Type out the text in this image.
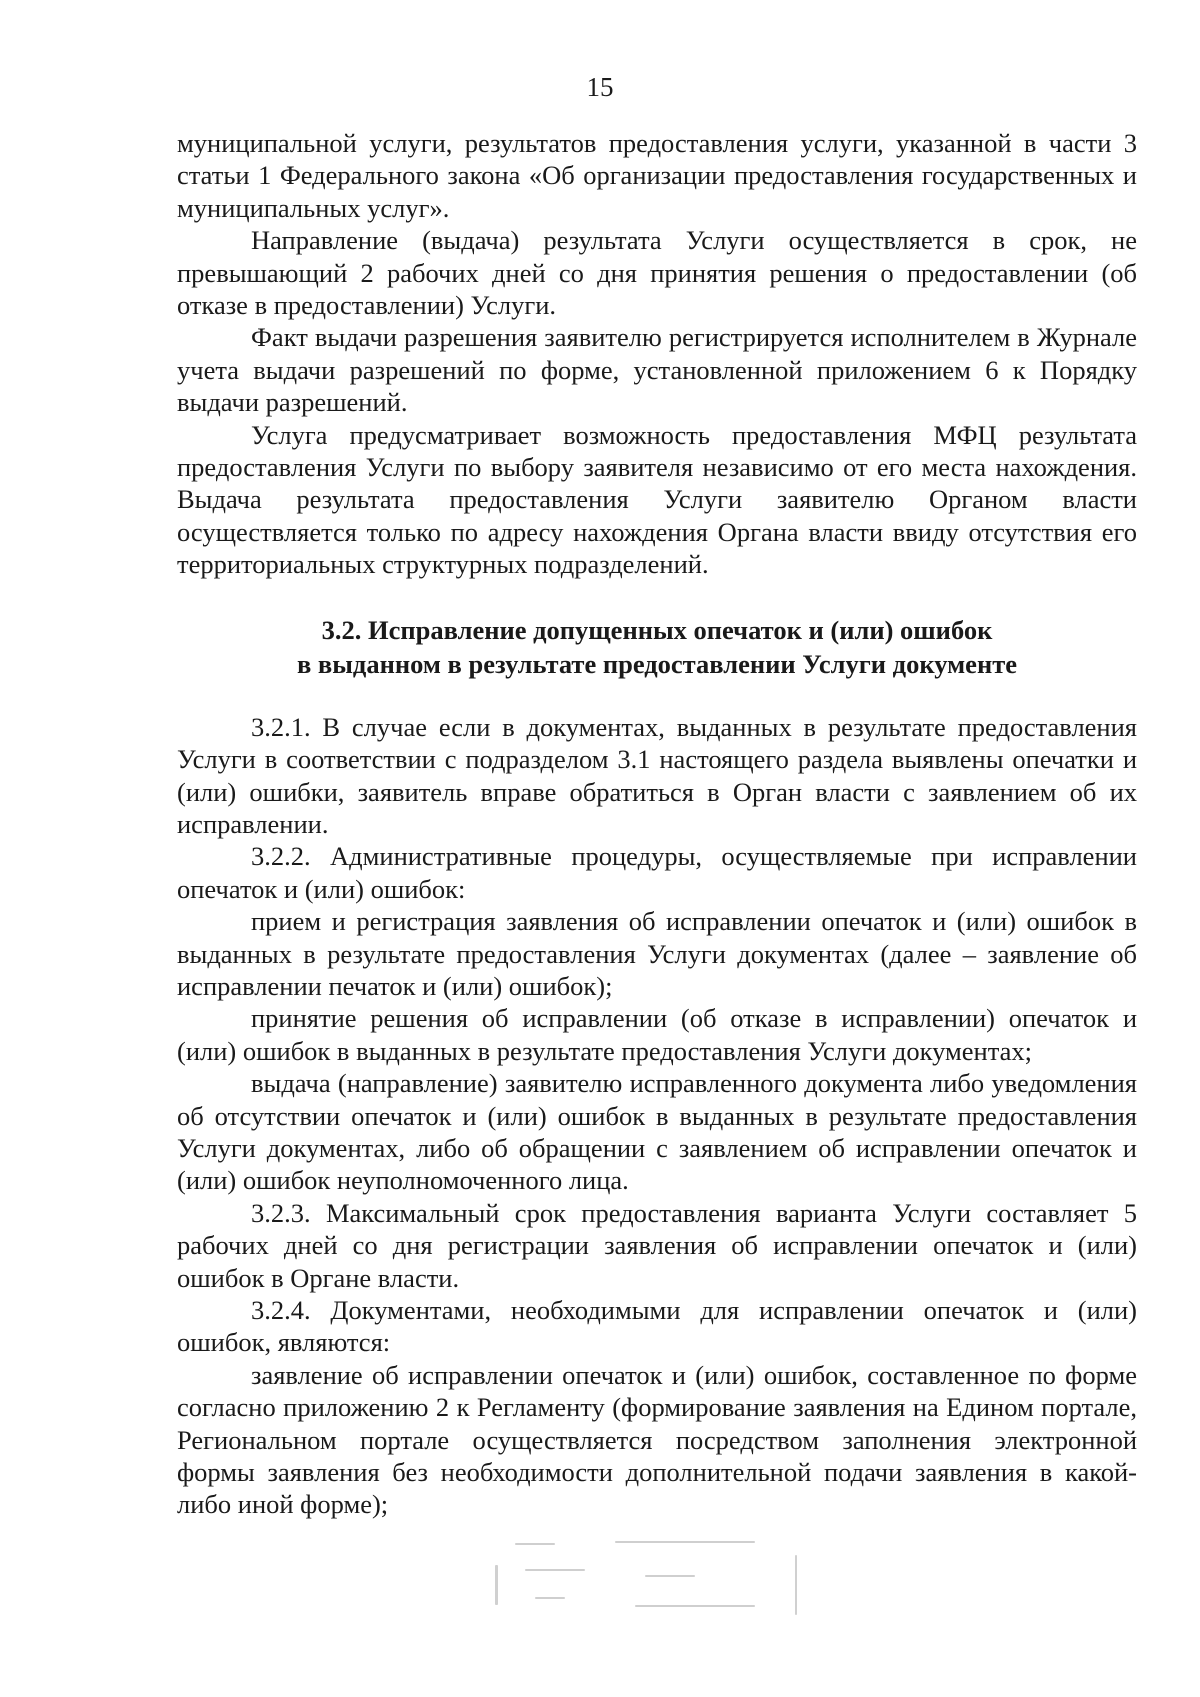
15

муниципальной услуги, результатов предоставления услуги, указанной в части 3 статьи 1 Федерального закона «Об организации предоставления государственных и муниципальных услуг».

Направление (выдача) результата Услуги осуществляется в срок, не превышающий 2 рабочих дней со дня принятия решения о предоставлении (об отказе в предоставлении) Услуги.

Факт выдачи разрешения заявителю регистрируется исполнителем в Журнале учета выдачи разрешений по форме, установленной приложением 6 к Порядку выдачи разрешений.

Услуга предусматривает возможность предоставления МФЦ результата предоставления Услуги по выбору заявителя независимо от его места нахождения. Выдача результата предоставления Услуги заявителю Органом власти осуществляется только по адресу нахождения Органа власти ввиду отсутствия его территориальных структурных подразделений.

3.2. Исправление допущенных опечаток и (или) ошибок
в выданном в результате предоставлении Услуги документе

3.2.1. В случае если в документах, выданных в результате предоставления Услуги в соответствии с подразделом 3.1 настоящего раздела выявлены опечатки и (или) ошибки, заявитель вправе обратиться в Орган власти с заявлением об их исправлении.

3.2.2. Административные процедуры, осуществляемые при исправлении опечаток и (или) ошибок:

прием и регистрация заявления об исправлении опечаток и (или) ошибок в выданных в результате предоставления Услуги документах (далее – заявление об исправлении печаток и (или) ошибок);

принятие решения об исправлении (об отказе в исправлении) опечаток и (или) ошибок в выданных в результате предоставления Услуги документах;

выдача (направление) заявителю исправленного документа либо уведомления об отсутствии опечаток и (или) ошибок в выданных в результате предоставления Услуги документах, либо об обращении с заявлением об исправлении опечаток и (или) ошибок неуполномоченного лица.

3.2.3. Максимальный срок предоставления варианта Услуги составляет 5 рабочих дней со дня регистрации заявления об исправлении опечаток и (или) ошибок в Органе власти.

3.2.4. Документами, необходимыми для исправлении опечаток и (или) ошибок, являются:

заявление об исправлении опечаток и (или) ошибок, составленное по форме согласно приложению 2 к Регламенту (формирование заявления на Едином портале, Региональном портале осуществляется посредством заполнения электронной формы заявления без необходимости дополнительной подачи заявления в какой-либо иной форме);
